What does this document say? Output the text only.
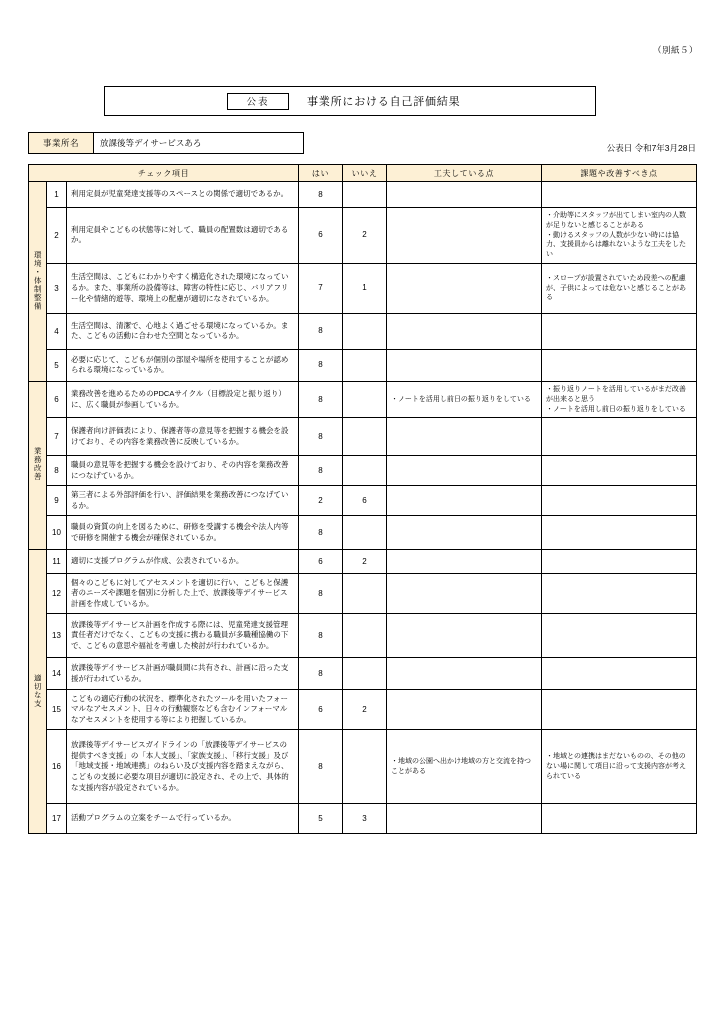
（別紙５）
公表	事業所における自己評価結果
事業所名	放課後等デイサービスあろ	公表日 令和7年3月28日
チェック項目			はい	いいえ	工夫している点	課題や改善すべき点
環境・体制整備	1	利用定員が児童発達支援等のスペースとの関係で適切であるか。	8			
	2	利用定員やこどもの状態等に対して、職員の配置数は適切であるか。	6	2		・介助等にスタッフが出てしまい室内の人数が足りないと感じることがある
・動けるスタッフの人数が少ない時には協力、支援員からは離れないような工夫をしたい
	3	生活空間は、こどもにわかりやすく構造化された環境になっているか。また、事業所の設備等は、障害の特性に応じ、バリアフリー化や情緒的遊等、環境上の配慮が適切になされているか。	7	1		・スロープが設置されていため段差への配慮が、子供によっては危ないと感じることがある
	4	生活空間は、清潔で、心地よく過ごせる環境になっているか。また、こどもの活動に合わせた空間となっているか。	8			
	5	必要に応じて、こどもが個別の部屋や場所を使用することが認められる環境になっているか。	8			
業務改善	6	業務改善を進めるためのPDCAサイクル（目標設定と振り返り）に、広く職員が参画しているか。	8		・ノートを活用し前日の振り返りをしている	・振り返りノートを活用しているがまだ改善が出来ると思う
・ノートを活用し前日の振り返りをしている
	7	保護者向け評価表により、保護者等の意見等を把握する機会を設けており、その内容を業務改善に反映しているか。	8			
	8	職員の意見等を把握する機会を設けており、その内容を業務改善につなげているか。	8			
	9	第三者による外部評価を行い、評価結果を業務改善につなげているか。	2	6		
	10	職員の資質の向上を図るために、研修を受講する機会や法人内等で研修を開催する機会が確保されているか。	8			
適切な支	11	適切に支援プログラムが作成、公表されているか。	6	2		
	12	個々のこどもに対してアセスメントを適切に行い、こどもと保護者のニーズや課題を個別に分析した上で、放課後等デイサービス計画を作成しているか。	8			
	13	放課後等デイサービス計画を作成する際には、児童発達支援管理責任者だけでなく、こどもの支援に携わる職員が多職種協働の下で、こどもの意思や福祉を考慮した検討が行われているか。	8			
	14	放課後等デイサービス計画が職員間に共有され、計画に沿った支援が行われているか。	8			
	15	こどもの適応行動の状況を、標準化されたツールを用いたフォーマルなアセスメント、日々の行動観察なども含むインフォーマルなアセスメントを使用する等により把握しているか。	6	2		
	16	放課後等デイサービスガイドラインの「放課後等デイサービスの提供すべき支援」の「本人支援」、「家族支援」、「移行支援」及び「地域支援・地域連携」のねらい及び支援内容を踏まえながら、こどもの支援に必要な項目が適切に設定され、その上で、具体的な支援内容が設定されているか。	8		・地域の公園へ出かけ地域の方と交流を持つことがある	・地域との連携はまだないものの、その他のない場に関して項目に沿って支援内容が考えられている
	17	活動プログラムの立案をチームで行っているか。	5	3		
